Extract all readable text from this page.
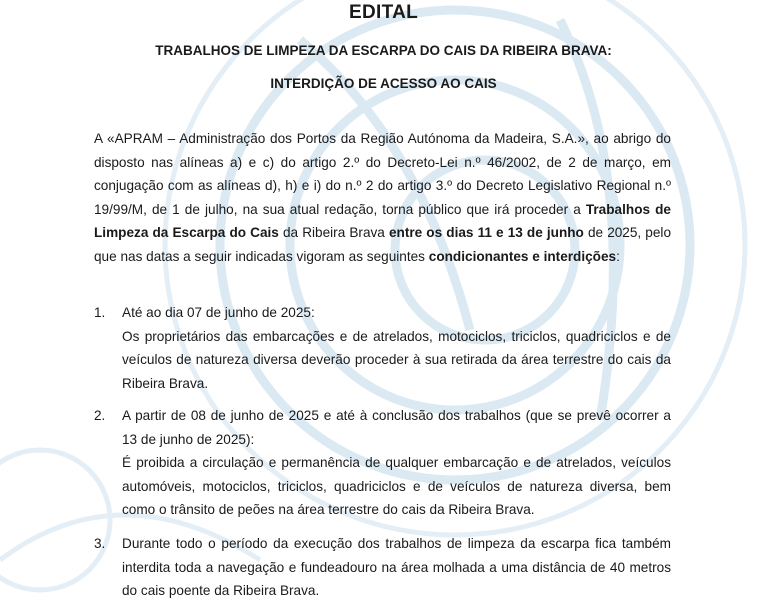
EDITAL

TRABALHOS DE LIMPEZA DA ESCARPA DO CAIS DA RIBEIRA BRAVA:

INTERDIÇÃO DE ACESSO AO CAIS

A «APRAM – Administração dos Portos da Região Autónoma da Madeira, S.A.», ao abrigo do disposto nas alíneas a) e c) do artigo 2.º do Decreto-Lei n.º 46/2002, de 2 de março, em conjugação com as alíneas d), h) e i) do n.º 2 do artigo 3.º do Decreto Legislativo Regional n.º 19/99/M, de 1 de julho, na sua atual redação, torna público que irá proceder a Trabalhos de Limpeza da Escarpa do Cais da Ribeira Brava entre os dias 11 e 13 de junho de 2025, pelo que nas datas a seguir indicadas vigoram as seguintes condicionantes e interdições:

1. Até ao dia 07 de junho de 2025:

Os proprietários das embarcações e de atrelados, motociclos, triciclos, quadriciclos e de veículos de natureza diversa deverão proceder à sua retirada da área terrestre do cais da Ribeira Brava.

2. A partir de 08 de junho de 2025 e até à conclusão dos trabalhos (que se prevê ocorrer a 13 de junho de 2025):

É proibida a circulação e permanência de qualquer embarcação e de atrelados, veículos automóveis, motociclos, triciclos, quadriciclos e de veículos de natureza diversa, bem como o trânsito de peões na área terrestre do cais da Ribeira Brava.

3. Durante todo o período da execução dos trabalhos de limpeza da escarpa fica também interdita toda a navegação e fundeadouro na área molhada a uma distância de 40 metros do cais poente da Ribeira Brava.
